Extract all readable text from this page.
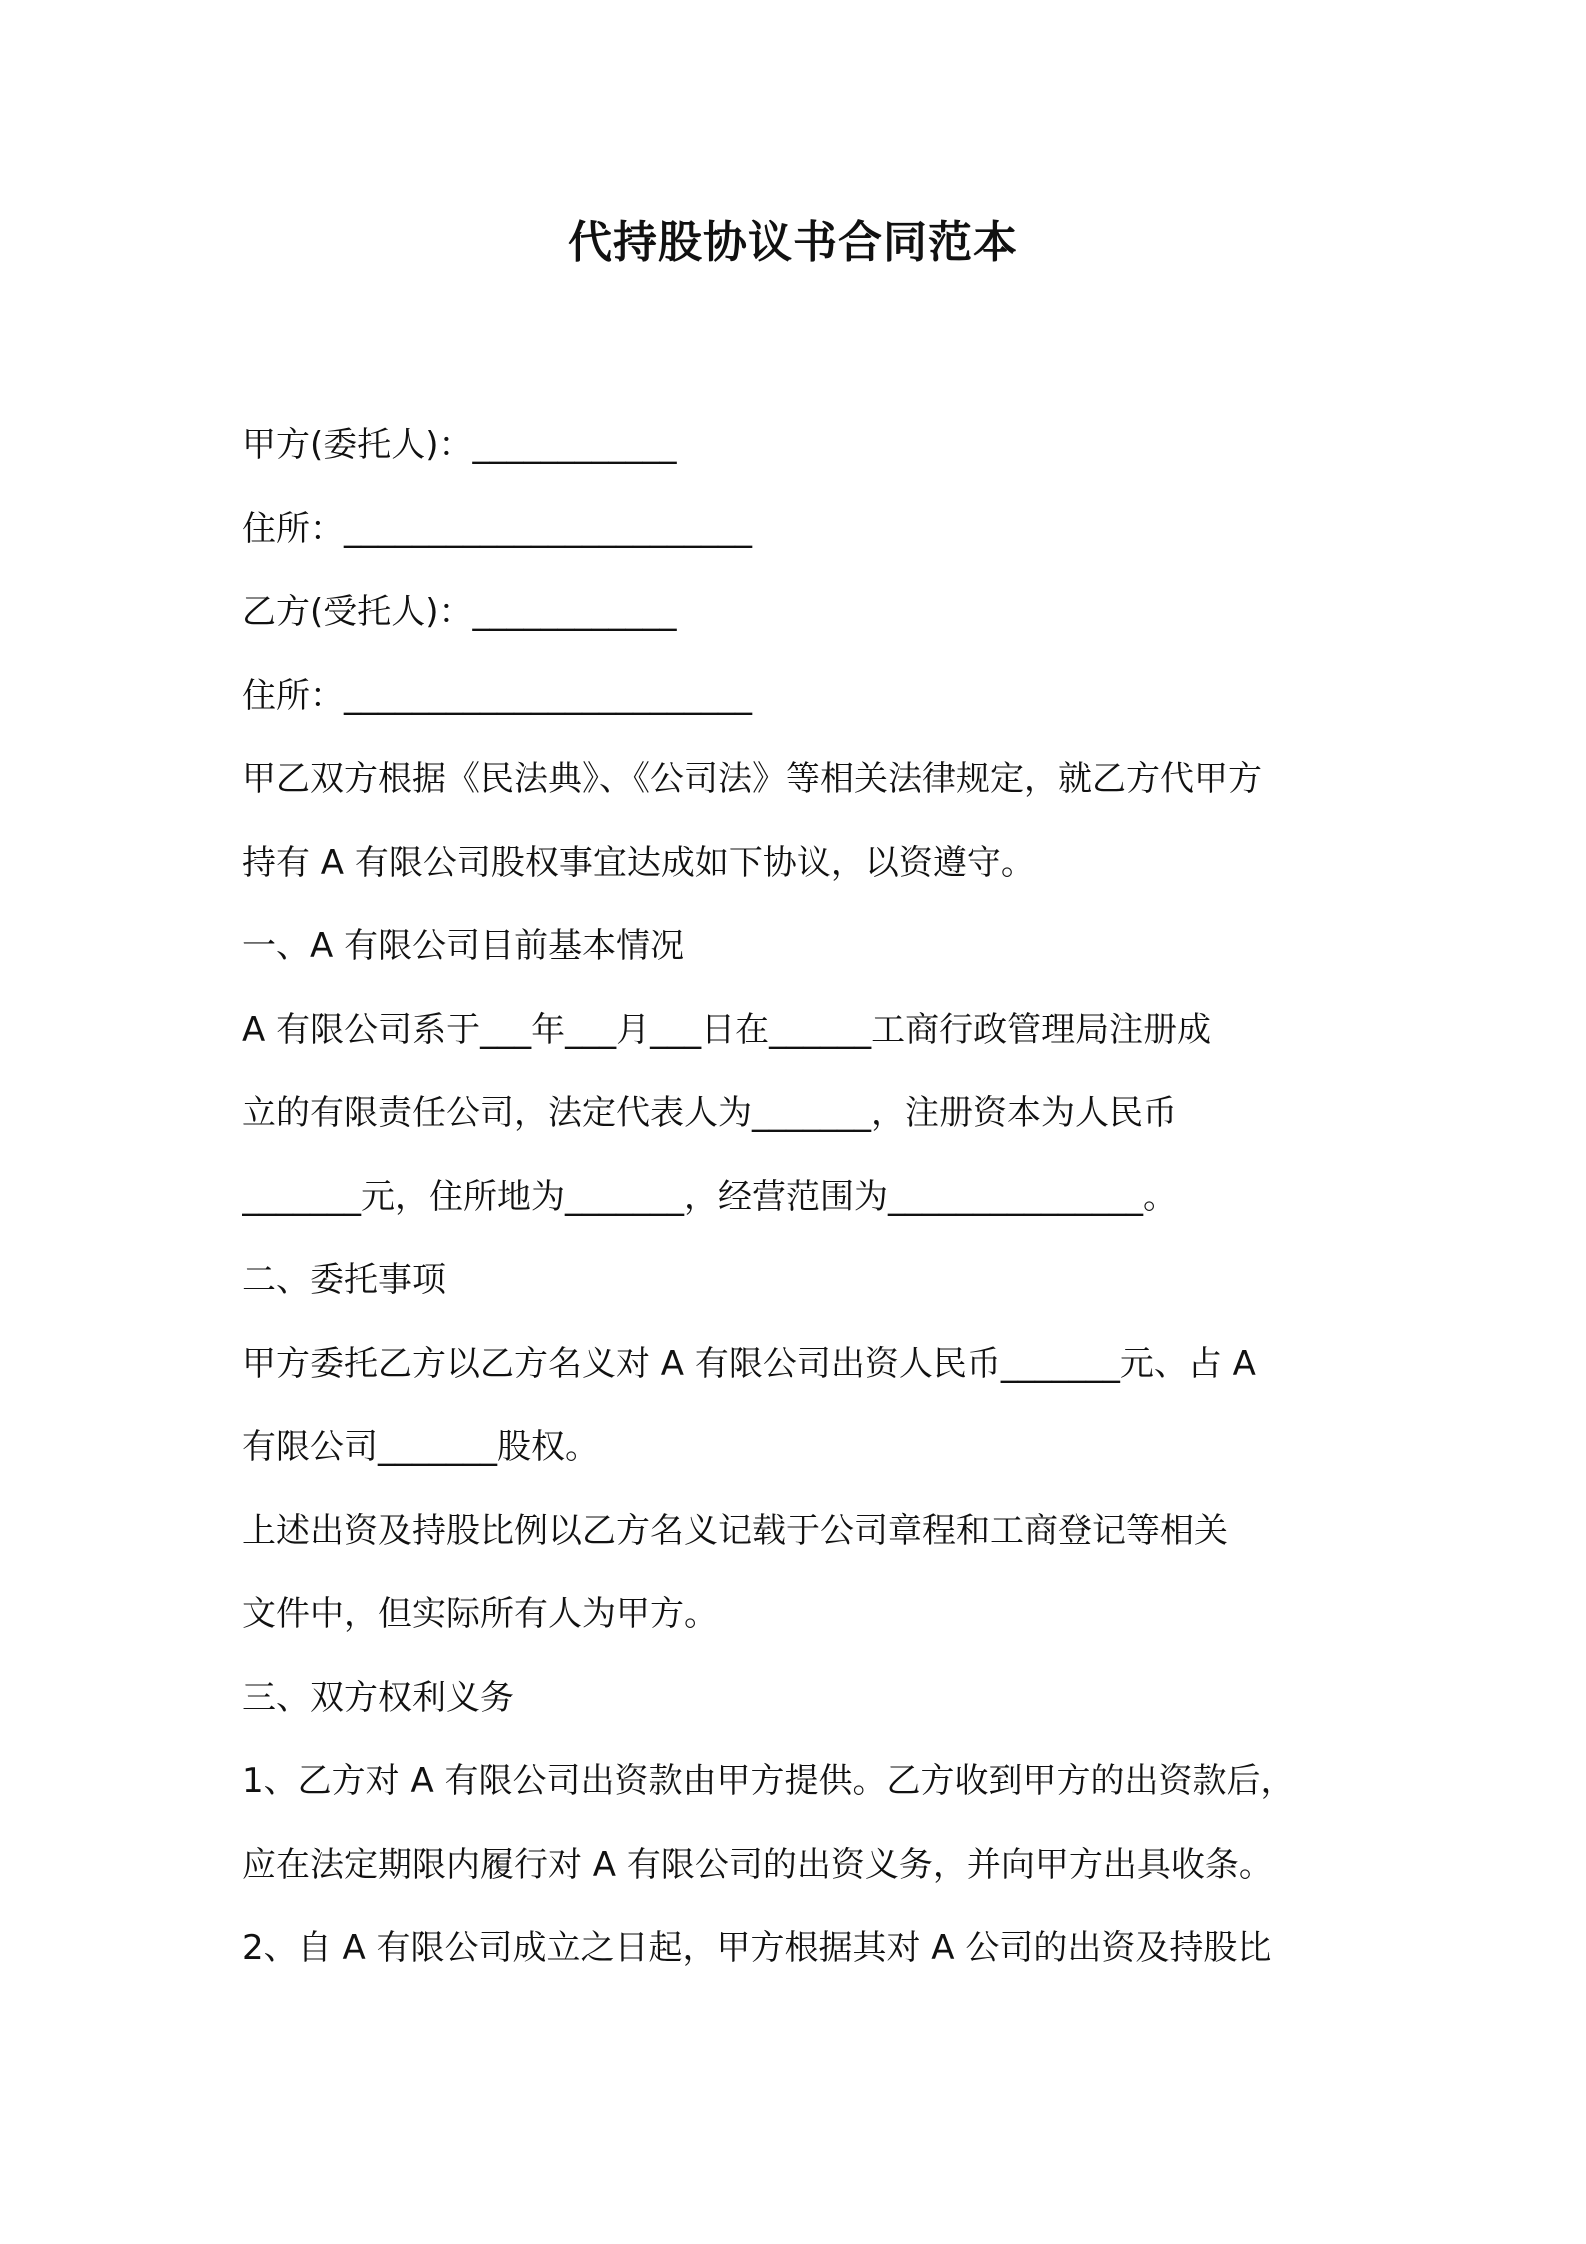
代持股协议书合同范本
甲方(委托人)：____________
住所：________________________
乙方(受托人)：____________
住所：________________________
甲乙双方根据《民法典》、《公司法》等相关法律规定，就乙方代甲方
持有 A 有限公司股权事宜达成如下协议，以资遵守。
一、A 有限公司目前基本情况
A 有限公司系于___年___月___日在______工商行政管理局注册成
立的有限责任公司，法定代表人为_______，注册资本为人民币
_______元，住所地为_______，经营范围为_______________。
二、委托事项
甲方委托乙方以乙方名义对 A 有限公司出资人民币_______元、占 A
有限公司_______股权。
上述出资及持股比例以乙方名义记载于公司章程和工商登记等相关
文件中，但实际所有人为甲方。
三、双方权利义务
1、乙方对 A 有限公司出资款由甲方提供。乙方收到甲方的出资款后，
应在法定期限内履行对 A 有限公司的出资义务，并向甲方出具收条。
2、自 A 有限公司成立之日起，甲方根据其对 A 公司的出资及持股比
